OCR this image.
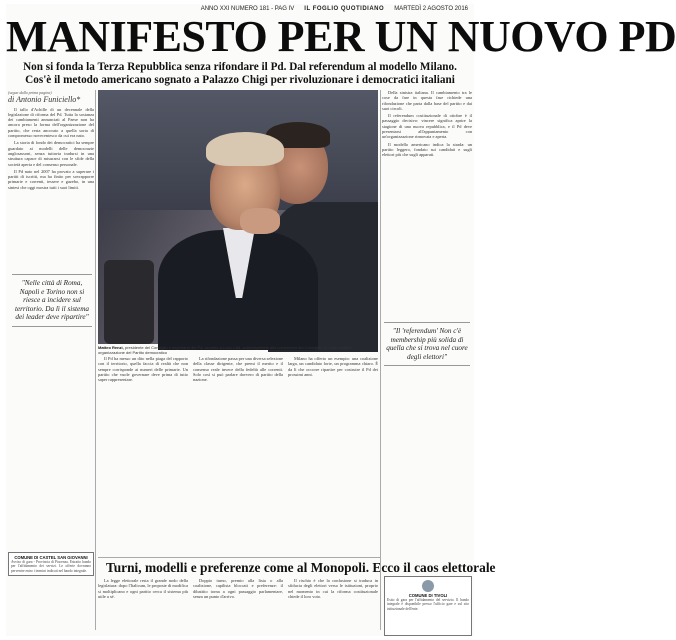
ANNO XXI NUMERO 181 - PAG IV IL FOGLIO QUOTIDIANO MARTEDÌ 2 AGOSTO 2016
MANIFESTO PER UN NUOVO PD
Non si fonda la Terza Repubblica senza rifondare il Pd. Dal referendum al modello Milano. Cos'è il metodo americano sognato a Palazzo Chigi per rivoluzionare i democratici italiani
(segue dalla prima pagina)
di Antonio Funiciello*

Il tallo d'Achille di un decennale della legislazione di riforma del Pd. Tutta la sostanza dei cambiamenti annunciati al Paese non ha ancora preso la forma dell'organizzazione del partito, che resta ancorato a quella sorta di compromesso novecentesco da cui era nato.

La storia di fondo dei democratici ha sempre guardato ai modelli delle democrazie anglosassoni, senza tuttavia tradursi in una struttura capace di misurarsi con le sfide della società aperta e del consenso personale.

Il Pd nato nel 2007 ha provato a superare i partiti di iscritti, ma ha finito per sovrapporre primarie e correnti, tessere e gazebo, in una sintesi che oggi mostra tutti i suoi limiti.

"Nelle città di Roma, Napoli e Torino non si riesce a incidere sul territorio. Da lì il sistema dei leader deve ripartire"
Matteo Renzi, presidente del Consiglio e segretario del Pd, accanto a Luca Lotti, sottosegretario alla presidenza del Consiglio, ex responsabile organizzazione del Partito democratico

Della sinistra italiana. Il cambiamento tra le cose da fare in questa fase richiede una rifondazione che parta dalla base del partito e dai suoi circoli.

Il referendum costituzionale di ottobre è il passaggio decisivo: vincere significa aprire la stagione di una nuova repubblica, e il Pd deve presentarsi all'appuntamento con un'organizzazione rinnovata e aperta.

Il modello americano indica la strada: un partito leggero, fondato sui candidati e sugli elettori più che sugli apparati.

"Il 'referendum' Non c'è membership più solida di quella che si trova nel cuore degli elettori"

Il Pd ha messo un dito nella piaga del rapporto con il territorio, quella faccia di realtà che non sempre corrisponde ai numeri delle primarie. Un partito che vuole governare deve prima di tutto saper rappresentare.

La rifondazione passa per una diversa selezione della classe dirigente, che premi il merito e il consenso reale invece della fedeltà alle correnti. Solo così si può parlare davvero di partito della nazione.

Milano ha offerto un esempio: una coalizione larga, un candidato forte, un programma chiaro. È da lì che occorre ripartire per costruire il Pd dei prossimi anni.

Turni, modelli e preferenze come al Monopoli. Ecco il caos elettorale

La legge elettorale resta il grande nodo della legislatura: dopo l'Italicum, le proposte di modifica si moltiplicano e ogni partito cerca il sistema più utile a sé.

Doppio turno, premio alla lista o alla coalizione, capilista bloccati e preferenze: il dibattito torna a ogni passaggio parlamentare, senza un punto d'arrivo.

Il rischio è che la confusione si traduca in sfiducia degli elettori verso le istituzioni, proprio nel momento in cui la riforma costituzionale chiede il loro voto.

COMUNE DI CASTEL SAN GIOVANNI
Avviso di gara - Provincia di Piacenza. Estratto bando per l'affidamento dei servizi. Le offerte dovranno pervenire entro i termini indicati nel bando integrale.
COMUNE DI TIVOLI
Esito di gara per l'affidamento del servizio. Il bando integrale è disponibile presso l'ufficio gare e sul sito istituzionale dell'ente.
